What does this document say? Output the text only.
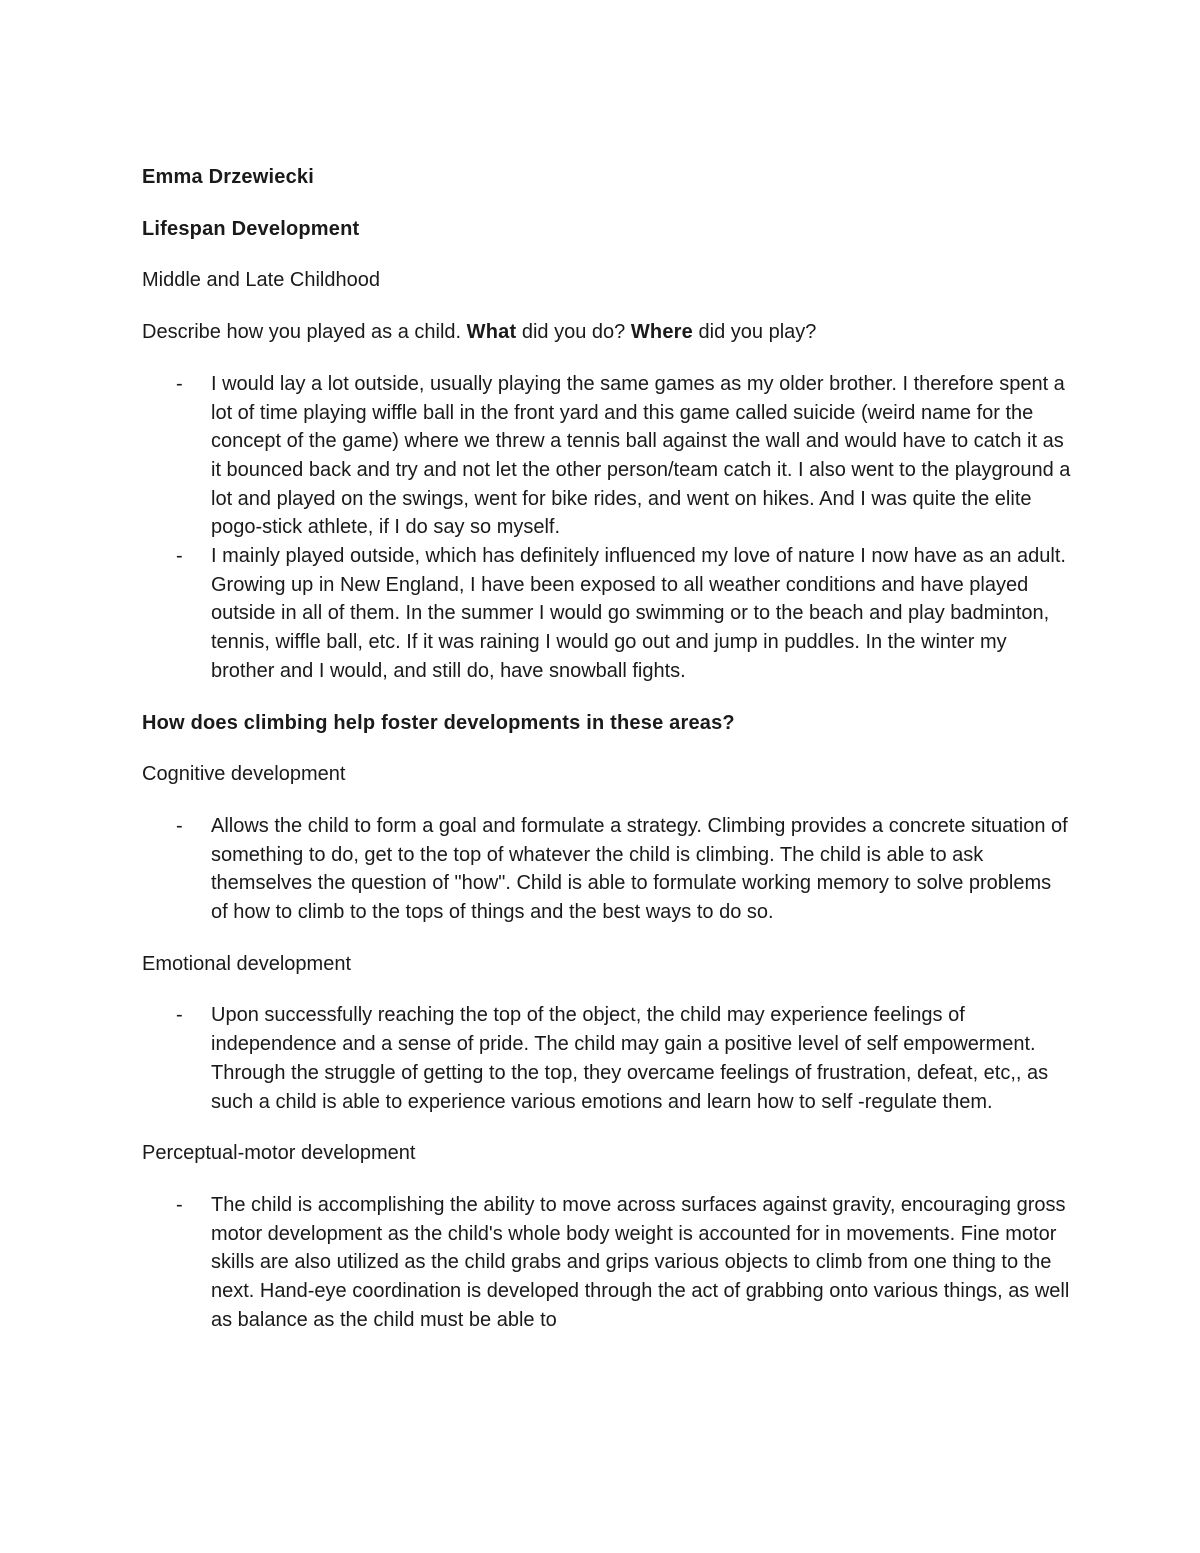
Emma Drzewiecki

Lifespan Development

Middle and Late Childhood

Describe how you played as a child. What did you do? Where did you play?

- I would lay a lot outside, usually playing the same games as my older brother. I therefore spent a lot of time playing wiffle ball in the front yard and this game called suicide (weird name for the concept of the game) where we threw a tennis ball against the wall and would have to catch it as it bounced back and try and not let the other person/team catch it. I also went to the playground a lot and played on the swings, went for bike rides, and went on hikes. And I was quite the elite pogo-stick athlete, if I do say so myself.
- I mainly played outside, which has definitely influenced my love of nature I now have as an adult. Growing up in New England, I have been exposed to all weather conditions and have played outside in all of them. In the summer I would go swimming or to the beach and play badminton, tennis, wiffle ball, etc. If it was raining I would go out and jump in puddles. In the winter my brother and I would, and still do, have snowball fights.

How does climbing help foster developments in these areas?

Cognitive development

- Allows the child to form a goal and formulate a strategy. Climbing provides a concrete situation of something to do, get to the top of whatever the child is climbing. The child is able to ask themselves the question of "how". Child is able to formulate working memory to solve problems of how to climb to the tops of things and the best ways to do so.

Emotional development

- Upon successfully reaching the top of the object, the child may experience feelings of independence and a sense of pride. The child may gain a positive level of self empowerment. Through the struggle of getting to the top, they overcame feelings of frustration, defeat, etc,, as such a child is able to experience various emotions and learn how to self -regulate them.

Perceptual-motor development

- The child is accomplishing the ability to move across surfaces against gravity, encouraging gross motor development as the child's whole body weight is accounted for in movements. Fine motor skills are also utilized as the child grabs and grips various objects to climb from one thing to the next. Hand-eye coordination is developed through the act of grabbing onto various things, as well as balance as the child must be able to
